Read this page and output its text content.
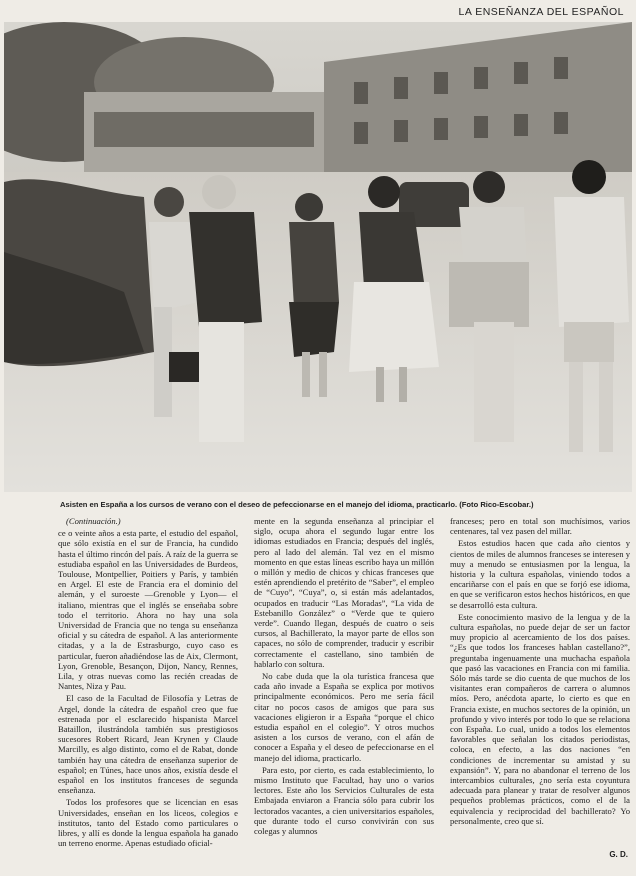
LA ENSEÑANZA DEL ESPAÑOL
Asisten en España a los cursos de verano con el deseo de pefeccionarse en el manejo del idioma, practicarlo. (Foto Rico-Escobar.)

(Continuación.)

ce o veinte años a esta parte, el estudio del español, que sólo existía en el sur de Francia, ha cundido hasta el último rincón del país. A raíz de la guerra se estudiaba español en las Universidades de Burdeos, Toulouse, Montpellier, Poitiers y París, y también en Argel. El este de Francia era el dominio del alemán, y el suroeste —Grenoble y Lyon— el italiano, mientras que el inglés se enseñaba sobre todo el territorio. Ahora no hay una sola Universidad de Francia que no tenga su enseñanza oficial y su cátedra de español. A las anteriormente citadas, y a la de Estrasburgo, cuyo caso es particular, fueron añadiéndose las de Aix, Clermont, Lyon, Grenoble, Besançon, Dijon, Nancy, Rennes, Lila, y otras nuevas como las recién creadas de Nantes, Niza y Pau.

El caso de la Facultad de Filosofía y Letras de Argel, donde la cátedra de español creo que fue estrenada por el esclarecido hispanista Marcel Bataillon, ilustrándola también sus prestigiosos sucesores Robert Ricard, Jean Krynen y Claude Marcilly, es algo distinto, como el de Rabat, donde también hay una cátedra de enseñanza superior de español; en Túnes, hace unos años, existía desde el español en los institutos franceses de segunda enseñanza.

Todos los profesores que se licencian en esas Universidades, enseñan en los liceos, colegios e institutos, tanto del Estado como particulares o libres, y allí es donde la lengua española ha ganado un terreno enorme. Apenas estudiado oficial-

mente en la segunda enseñanza al principiar el siglo, ocupa ahora el segundo lugar entre los idiomas estudiados en Francia; después del inglés, pero al lado del alemán. Tal vez en el mismo momento en que estas líneas escribo haya un millón o millón y medio de chicos y chicas franceses que estén aprendiendo el pretérito de “Saber”, el empleo de “Cuyo”, “Cuya”, o, si están más adelantados, ocupados en traducir “Las Moradas”, “La vida de Estebanillo González” o “Verde que te quiero verde”. Cuando llegan, después de cuatro o seis cursos, al Bachillerato, la mayor parte de ellos son capaces, no sólo de comprender, traducir y escribir correctamente el castellano, sino también de hablarlo con soltura.

No cabe duda que la ola turística francesa que cada año invade a España se explica por motivos principalmente económicos. Pero me sería fácil citar no pocos casos de amigos que para sus vacaciones eligieron ir a España “porque el chico estudia español en el colegio”. Y otros muchos asisten a los cursos de verano, con el afán de conocer a España y el deseo de pefeccionarse en el manejo del idioma, practicarlo.

Para esto, por cierto, es cada establecimiento, lo mismo Instituto que Facultad, hay uno o varios lectores. Este año los Servicios Culturales de esta Embajada enviaron a Francia sólo para cubrir los lectorados vacantes, a cien universitarios españoles, que durante todo el curso convivirán con sus colegas y alumnos

franceses; pero en total son muchísimos, varios centenares, tal vez pasen del millar.

Estos estudios hacen que cada año cientos y cientos de miles de alumnos franceses se interesen y muy a menudo se entusiasmen por la lengua, la historia y la cultura españolas, viniendo todos a encariñarse con el país en que se forjó ese idioma, en que se verificaron estos hechos históricos, en que se desarrolló esta cultura.

Este conocimiento masivo de la lengua y de la cultura españolas, no puede dejar de ser un factor muy propicio al acercamiento de los dos países. “¿Es que todos los franceses hablan castellano?”, preguntaba ingenuamente una muchacha española que pasó las vacaciones en Francia con mi familia. Sólo más tarde se dio cuenta de que muchos de los visitantes eran compañeros de carrera o alumnos míos. Pero, anécdota aparte, lo cierto es que en Francia existe, en muchos sectores de la opinión, un profundo y vivo interés por todo lo que se relaciona con España. Lo cual, unido a todos los elementos favorables que señalan los citados periodistas, coloca, en efecto, a las dos naciones “en condiciones de incrementar su amistad y su expansión”. Y, para no abandonar el terreno de los intercambios culturales, ¿no sería esta coyuntura adecuada para planear y tratar de resolver algunos pequeños problemas prácticos, como el de la equivalencia y reciprocidad del bachillerato? Yo personalmente, creo que sí.

G. D.
